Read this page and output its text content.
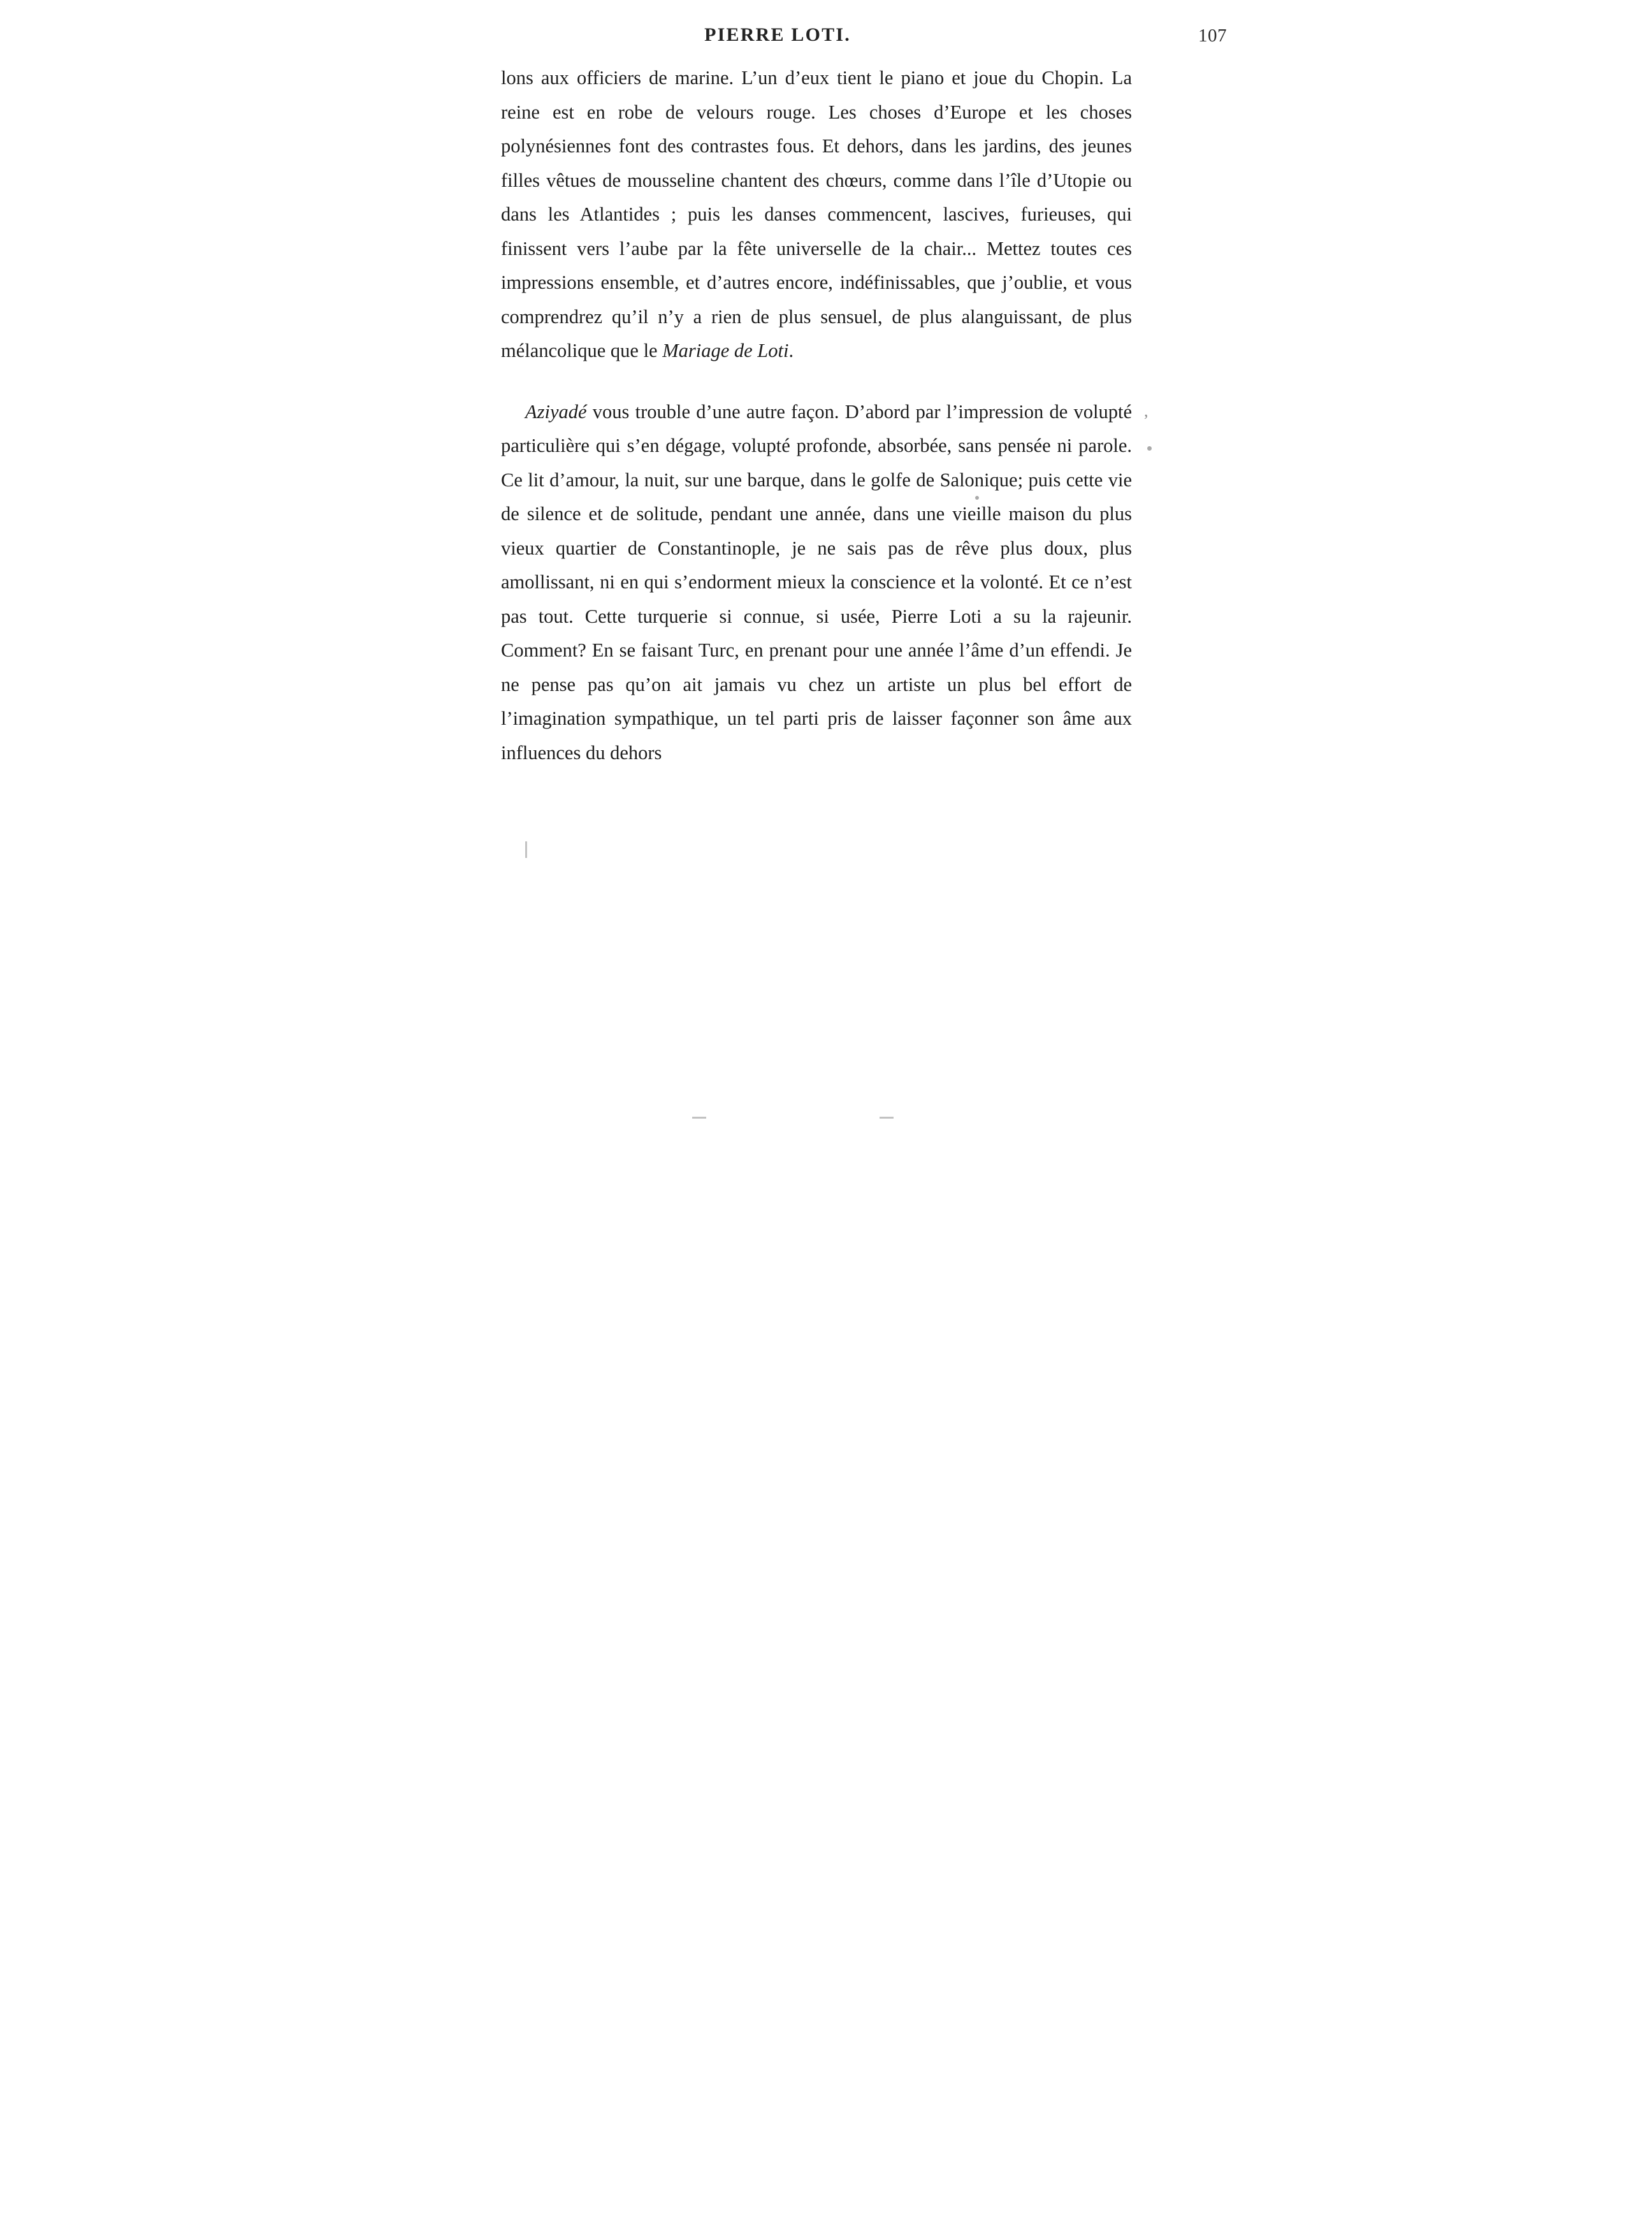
PIERRE LOTI.	107

lons aux officiers de marine. L’un d’eux tient le piano et joue du Chopin. La reine est en robe de velours rouge. Les choses d’Europe et les choses polynésiennes font des contrastes fous. Et dehors, dans les jardins, des jeunes filles vêtues de mousseline chantent des chœurs, comme dans l’île d’Utopie ou dans les Atlantides ; puis les danses commencent, lascives, furieuses, qui finissent vers l’aube par la fête universelle de la chair... Mettez toutes ces impressions ensemble, et d’autres encore, indéfinissables, que j’oublie, et vous comprendrez qu’il n’y a rien de plus sensuel, de plus alanguissant, de plus mélancolique que le Mariage de Loti.

Aziyadé vous trouble d’une autre façon. D’abord par l’impression de volupté particulière qui s’en dégage, volupté profonde, absorbée, sans pensée ni parole. Ce lit d’amour, la nuit, sur une barque, dans le golfe de Salonique; puis cette vie de silence et de solitude, pendant une année, dans une vieille maison du plus vieux quartier de Constantinople, je ne sais pas de rêve plus doux, plus amollissant, ni en qui s’endorment mieux la conscience et la volonté. Et ce n’est pas tout. Cette turquerie si connue, si usée, Pierre Loti a su la rajeunir. Comment? En se faisant Turc, en prenant pour une année l’âme d’un effendi. Je ne pense pas qu’on ait jamais vu chez un artiste un plus bel effort de l’imagination sympathique, un tel parti pris de laisser façonner son âme aux influences du dehors

,
